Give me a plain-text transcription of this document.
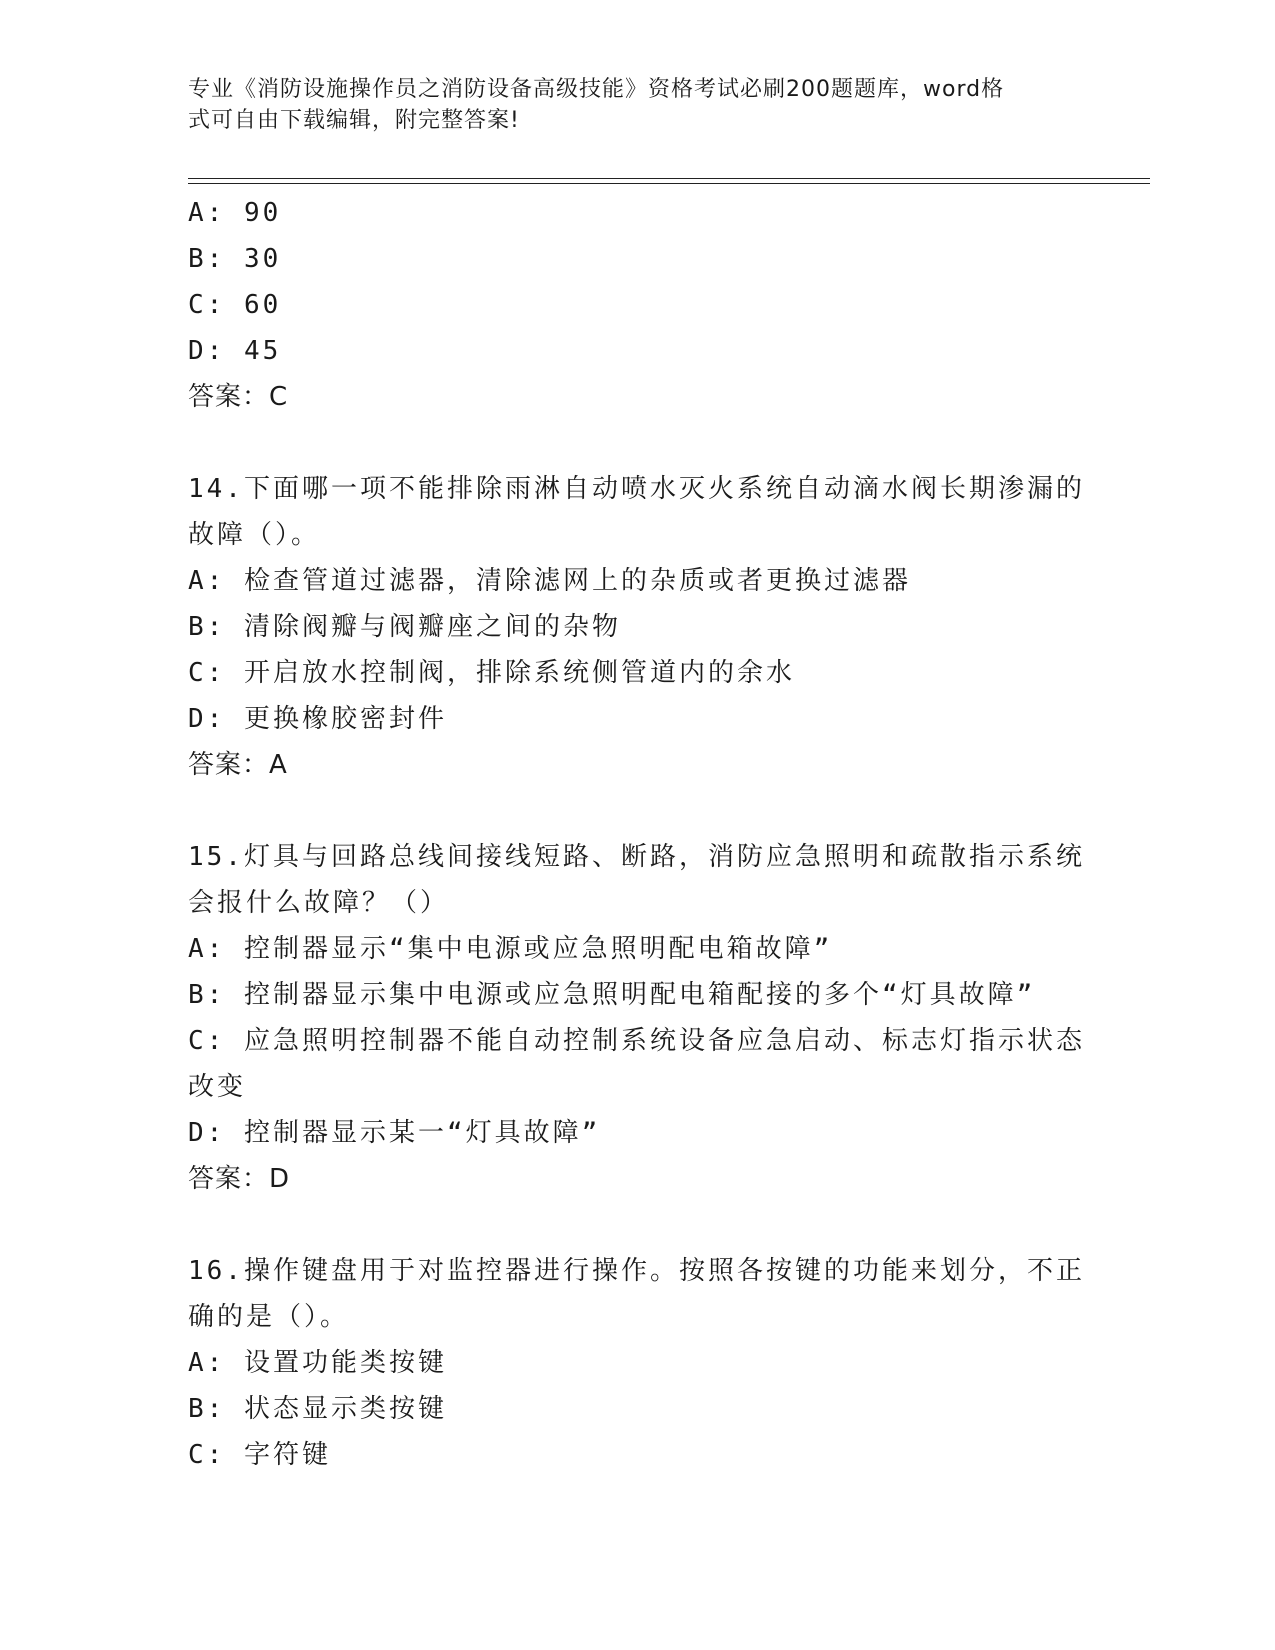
专业《消防设施操作员之消防设备高级技能》资格考试必刷200题题库，word格
式可自由下载编辑，附完整答案!
A: 90
B: 30
C: 60
D: 45
答案：C
14.下面哪一项不能排除雨淋自动喷水灭火系统自动滴水阀长期渗漏的
故障（）。
A: 检查管道过滤器，清除滤网上的杂质或者更换过滤器
B: 清除阀瓣与阀瓣座之间的杂物
C: 开启放水控制阀，排除系统侧管道内的余水
D: 更换橡胶密封件
答案：A
15.灯具与回路总线间接线短路、断路，消防应急照明和疏散指示系统
会报什么故障？（）
A: 控制器显示“集中电源或应急照明配电箱故障”
B: 控制器显示集中电源或应急照明配电箱配接的多个“灯具故障”
C: 应急照明控制器不能自动控制系统设备应急启动、标志灯指示状态
改变
D: 控制器显示某一“灯具故障”
答案：D
16.操作键盘用于对监控器进行操作。按照各按键的功能来划分，不正
确的是（）。
A: 设置功能类按键
B: 状态显示类按键
C: 字符键
